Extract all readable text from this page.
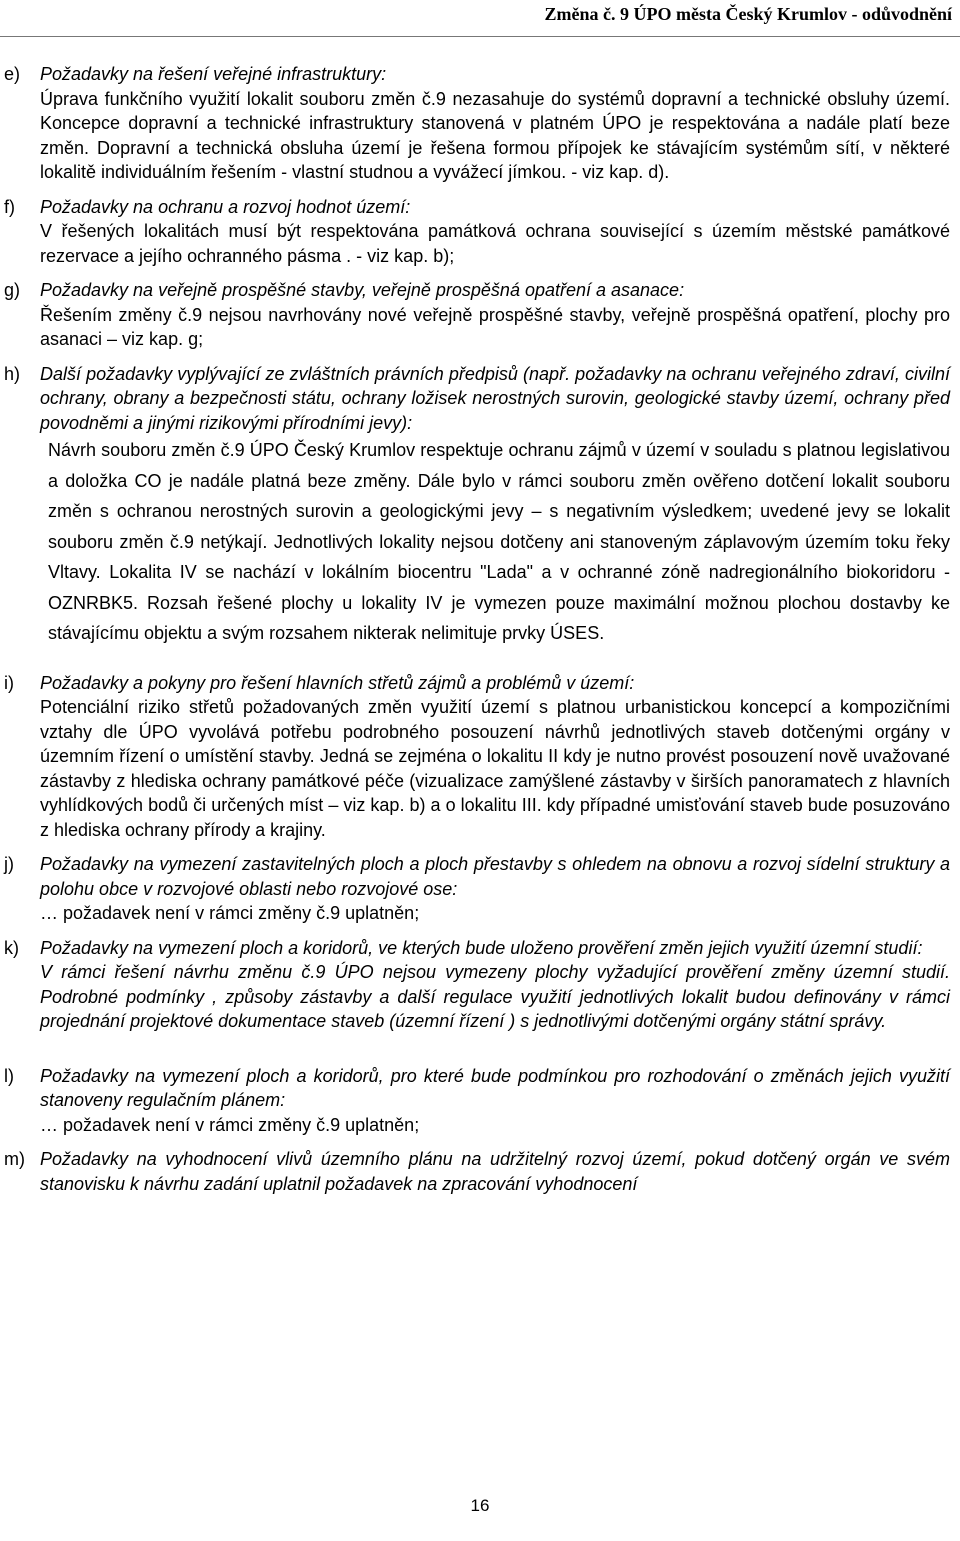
Změna č. 9 ÚPO města Český Krumlov - odůvodnění
e)	Požadavky na řešení veřejné infrastruktury:
Úprava funkčního využití lokalit souboru změn č.9 nezasahuje do systémů dopravní a technické obsluhy území. Koncepce dopravní a technické infrastruktury stanovená v platném ÚPO je respektována a nadále platí beze změn. Dopravní a technická obsluha území je řešena formou přípojek ke stávajícím systémům sítí, v některé lokalitě individuálním řešením - vlastní studnou a vyvážecí jímkou. - viz kap. d).
f)	Požadavky na ochranu a rozvoj hodnot území:
V řešených lokalitách musí být respektována památková ochrana související s územím městské památkové rezervace a jejího ochranného pásma . - viz kap. b);
g)	Požadavky na veřejně prospěšné stavby, veřejně prospěšná opatření a asanace:
Řešením změny č.9 nejsou navrhovány nové veřejně prospěšné stavby, veřejně prospěšná opatření, plochy pro asanaci – viz kap. g;
h)	Další požadavky vyplývající ze zvláštních právních předpisů (např. požadavky na ochranu veřejného zdraví, civilní ochrany, obrany a bezpečnosti státu, ochrany ložisek nerostných surovin, geologické stavby území, ochrany před povodněmi a jinými rizikovými přírodními jevy):
Návrh souboru změn č.9 ÚPO Český Krumlov respektuje ochranu zájmů v území v souladu s platnou legislativou a doložka CO je nadále platná beze změny. Dále bylo v rámci souboru změn ověřeno dotčení lokalit souboru změn s ochranou nerostných surovin a geologickými jevy – s negativním výsledkem; uvedené jevy se lokalit souboru změn č.9 netýkají. Jednotlivých lokality nejsou dotčeny ani stanoveným záplavovým územím toku řeky Vltavy. Lokalita IV se nachází v lokálním biocentru "Lada" a v ochranné zóně nadregionálního biokoridoru - OZNRBK5. Rozsah řešené plochy u lokality IV je vymezen pouze maximální možnou plochou dostavby ke stávajícímu objektu a svým rozsahem nikterak nelimituje prvky ÚSES.
i)	Požadavky a pokyny pro řešení hlavních střetů zájmů a problémů v území:
Potenciální riziko střetů požadovaných změn využití území s platnou urbanistickou koncepcí a kompozičními vztahy dle ÚPO vyvolává potřebu podrobného posouzení návrhů jednotlivých staveb dotčenými orgány v územním řízení o umístění stavby. Jedná se zejména o lokalitu II kdy je nutno provést posouzení nově uvažované zástavby z hlediska ochrany památkové péče (vizualizace zamýšlené zástavby v širších panoramatech z hlavních vyhlídkových bodů či určených míst – viz kap. b) a o lokalitu III. kdy případné umisťování staveb bude posuzováno z hlediska ochrany přírody a krajiny.
j)	Požadavky na vymezení zastavitelných ploch a ploch přestavby s ohledem na obnovu a rozvoj sídelní struktury a polohu obce v rozvojové oblasti nebo rozvojové ose:
… požadavek není v rámci změny č.9 uplatněn;
k)	Požadavky na vymezení ploch a koridorů, ve kterých bude uloženo prověření změn jejich využití územní studií:
V rámci řešení návrhu změnu č.9 ÚPO nejsou vymezeny plochy vyžadující prověření změny územní studií. Podrobné podmínky , způsoby zástavby a další regulace využití jednotlivých lokalit budou definovány v rámci projednání projektové dokumentace staveb (územní řízení ) s jednotlivými dotčenými orgány státní správy.
l)	Požadavky na vymezení ploch a koridorů, pro které bude podmínkou pro rozhodování o změnách jejich využití stanoveny regulačním plánem:
… požadavek není v rámci změny č.9 uplatněn;
m) Požadavky na vyhodnocení vlivů územního plánu na udržitelný rozvoj území, pokud dotčený orgán ve svém stanovisku k návrhu zadání uplatnil požadavek na zpracování vyhodnocení
16
